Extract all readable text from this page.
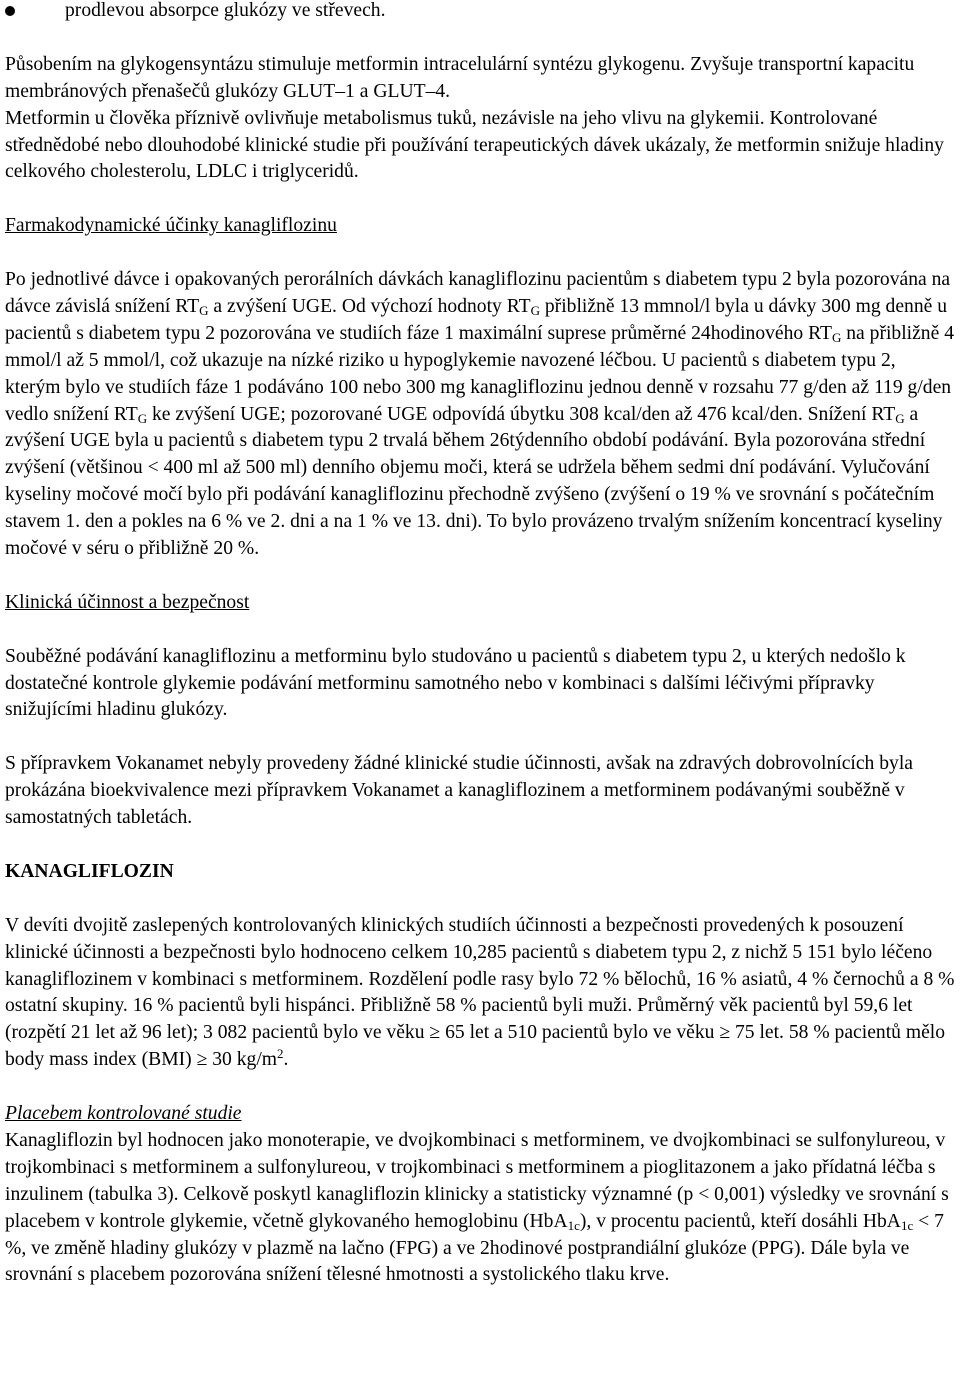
prodlevou absorpce glukózy ve střevech.

Působením na glykogensyntázu stimuluje metformin intracelulární syntézu glykogenu. Zvyšuje transportní kapacitu membránových přenašečů glukózy GLUT–1 a GLUT–4.
Metformin u člověka příznivě ovlivňuje metabolismus tuků, nezávisle na jeho vlivu na glykemii. Kontrolované střednědobé nebo dlouhodobé klinické studie při používání terapeutických dávek ukázaly, že metformin snižuje hladiny celkového cholesterolu, LDLC i triglyceridů.

Farmakodynamické účinky kanagliflozinu

Po jednotlivé dávce i opakovaných perorálních dávkách kanagliflozinu pacientům s diabetem typu 2 byla pozorována na dávce závislá snížení $RT_G$ a zvýšení UGE. Od výchozí hodnoty $RT_G$ přibližně 13 mmnol/l byla u dávky 300 mg denně u pacientů s diabetem typu 2 pozorována ve studiích fáze 1 maximální suprese průměrné 24hodinového $RT_G$ na přibližně 4 mmol/l až 5 mmol/l, což ukazuje na nízké riziko u hypoglykemie navozené léčbou. U pacientů s diabetem typu 2, kterým bylo ve studiích fáze 1 podáváno 100 nebo 300 mg kanagliflozinu jednou denně v rozsahu 77 g/den až 119 g/den vedlo snížení $RT_G$ ke zvýšení UGE; pozorované UGE odpovídá úbytku 308 kcal/den až 476 kcal/den. Snížení $RT_G$ a zvýšení UGE byla u pacientů s diabetem typu 2 trvalá během 26týdenního období podávání. Byla pozorována střední zvýšení (většinou < 400 ml až 500 ml) denního objemu moči, která se udržela během sedmi dní podávání. Vylučování kyseliny močové močí bylo při podávání kanagliflozinu přechodně zvýšeno (zvýšení o 19 % ve srovnání s počátečním stavem 1. den a pokles na 6 % ve 2. dni a na 1 % ve 13. dni). To bylo provázeno trvalým snížením koncentrací kyseliny močové v séru o přibližně 20 %.

Klinická účinnost a bezpečnost

Souběžné podávání kanagliflozinu a metforminu bylo studováno u pacientů s diabetem typu 2, u kterých nedošlo k dostatečné kontrole glykemie podávání metforminu samotného nebo v kombinaci s dalšími léčivými přípravky snižujícími hladinu glukózy.

S přípravkem Vokanamet nebyly provedeny žádné klinické studie účinnosti, avšak na zdravých dobrovolnících byla prokázána bioekvivalence mezi přípravkem Vokanamet a kanagliflozinem a metforminem podávanými souběžně v samostatných tabletách.

KANAGLIFLOZIN

V devíti dvojitě zaslepených kontrolovaných klinických studiích účinnosti a bezpečnosti provedených k posouzení klinické účinnosti a bezpečnosti bylo hodnoceno celkem 10,285 pacientů s diabetem typu 2, z nichž 5 151 bylo léčeno kanagliflozinem v kombinaci s metforminem. Rozdělení podle rasy bylo 72 % bělochů, 16 % asiatů, 4 % černochů a 8 % ostatní skupiny. 16 % pacientů byli hispánci. Přibližně 58 % pacientů byli muži. Průměrný věk pacientů byl 59,6 let (rozpětí 21 let až 96 let); 3 082 pacientů bylo ve věku ≥ 65 let a 510 pacientů bylo ve věku ≥ 75 let. 58 % pacientů mělo body mass index (BMI) ≥ 30 $kg/m^2$.

Placebem kontrolované studie

Kanagliflozin byl hodnocen jako monoterapie, ve dvojkombinaci s metforminem, ve dvojkombinaci se sulfonylureou, v trojkombinaci s metforminem a sulfonylureou, v trojkombinaci s metforminem a pioglitazonem a jako přídatná léčba s inzulinem (tabulka 3). Celkově poskytl kanagliflozin klinicky a statisticky významné (p < 0,001) výsledky ve srovnání s placebem v kontrole glykemie, včetně glykovaného hemoglobinu (HbA$_{1c}$), v procentu pacientů, kteří dosáhli HbA$_{1c}$ < 7 %, ve změně hladiny glukózy v plazmě na lačno (FPG) a ve 2hodinové postprandiální glukóze (PPG). Dále byla ve srovnání s placebem pozorována snížení tělesné hmotnosti a systolického tlaku krve.
